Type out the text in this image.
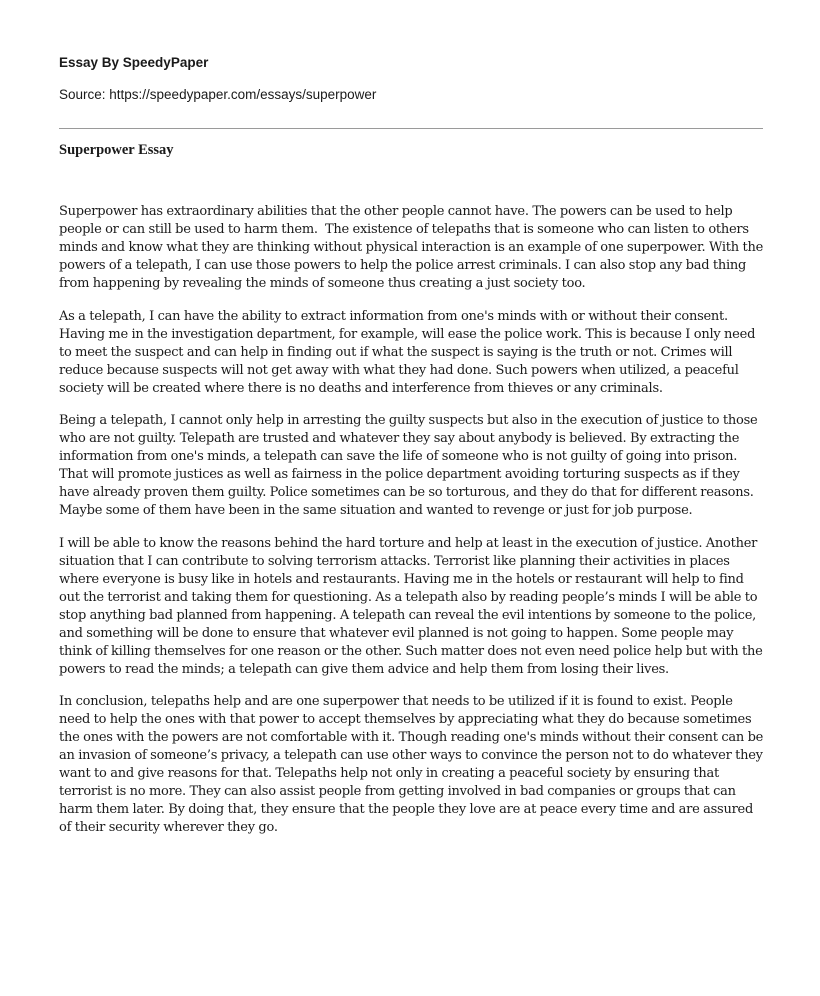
Essay By SpeedyPaper

Source: https://speedypaper.com/essays/superpower

Superpower Essay

Superpower has extraordinary abilities that the other people cannot have. The powers can be used to help people or can still be used to harm them.  The existence of telepaths that is someone who can listen to others minds and know what they are thinking without physical interaction is an example of one superpower. With the powers of a telepath, I can use those powers to help the police arrest criminals. I can also stop any bad thing from happening by revealing the minds of someone thus creating a just society too.

As a telepath, I can have the ability to extract information from one's minds with or without their consent. Having me in the investigation department, for example, will ease the police work. This is because I only need to meet the suspect and can help in finding out if what the suspect is saying is the truth or not. Crimes will reduce because suspects will not get away with what they had done. Such powers when utilized, a peaceful society will be created where there is no deaths and interference from thieves or any criminals.

Being a telepath, I cannot only help in arresting the guilty suspects but also in the execution of justice to those who are not guilty. Telepath are trusted and whatever they say about anybody is believed. By extracting the information from one's minds, a telepath can save the life of someone who is not guilty of going into prison. That will promote justices as well as fairness in the police department avoiding torturing suspects as if they have already proven them guilty. Police sometimes can be so torturous, and they do that for different reasons. Maybe some of them have been in the same situation and wanted to revenge or just for job purpose.

I will be able to know the reasons behind the hard torture and help at least in the execution of justice. Another situation that I can contribute to solving terrorism attacks. Terrorist like planning their activities in places where everyone is busy like in hotels and restaurants. Having me in the hotels or restaurant will help to find out the terrorist and taking them for questioning. As a telepath also by reading people’s minds I will be able to stop anything bad planned from happening. A telepath can reveal the evil intentions by someone to the police, and something will be done to ensure that whatever evil planned is not going to happen. Some people may think of killing themselves for one reason or the other. Such matter does not even need police help but with the powers to read the minds; a telepath can give them advice and help them from losing their lives.

In conclusion, telepaths help and are one superpower that needs to be utilized if it is found to exist. People need to help the ones with that power to accept themselves by appreciating what they do because sometimes the ones with the powers are not comfortable with it. Though reading one's minds without their consent can be an invasion of someone’s privacy, a telepath can use other ways to convince the person not to do whatever they want to and give reasons for that. Telepaths help not only in creating a peaceful society by ensuring that terrorist is no more. They can also assist people from getting involved in bad companies or groups that can harm them later. By doing that, they ensure that the people they love are at peace every time and are assured of their security wherever they go.
